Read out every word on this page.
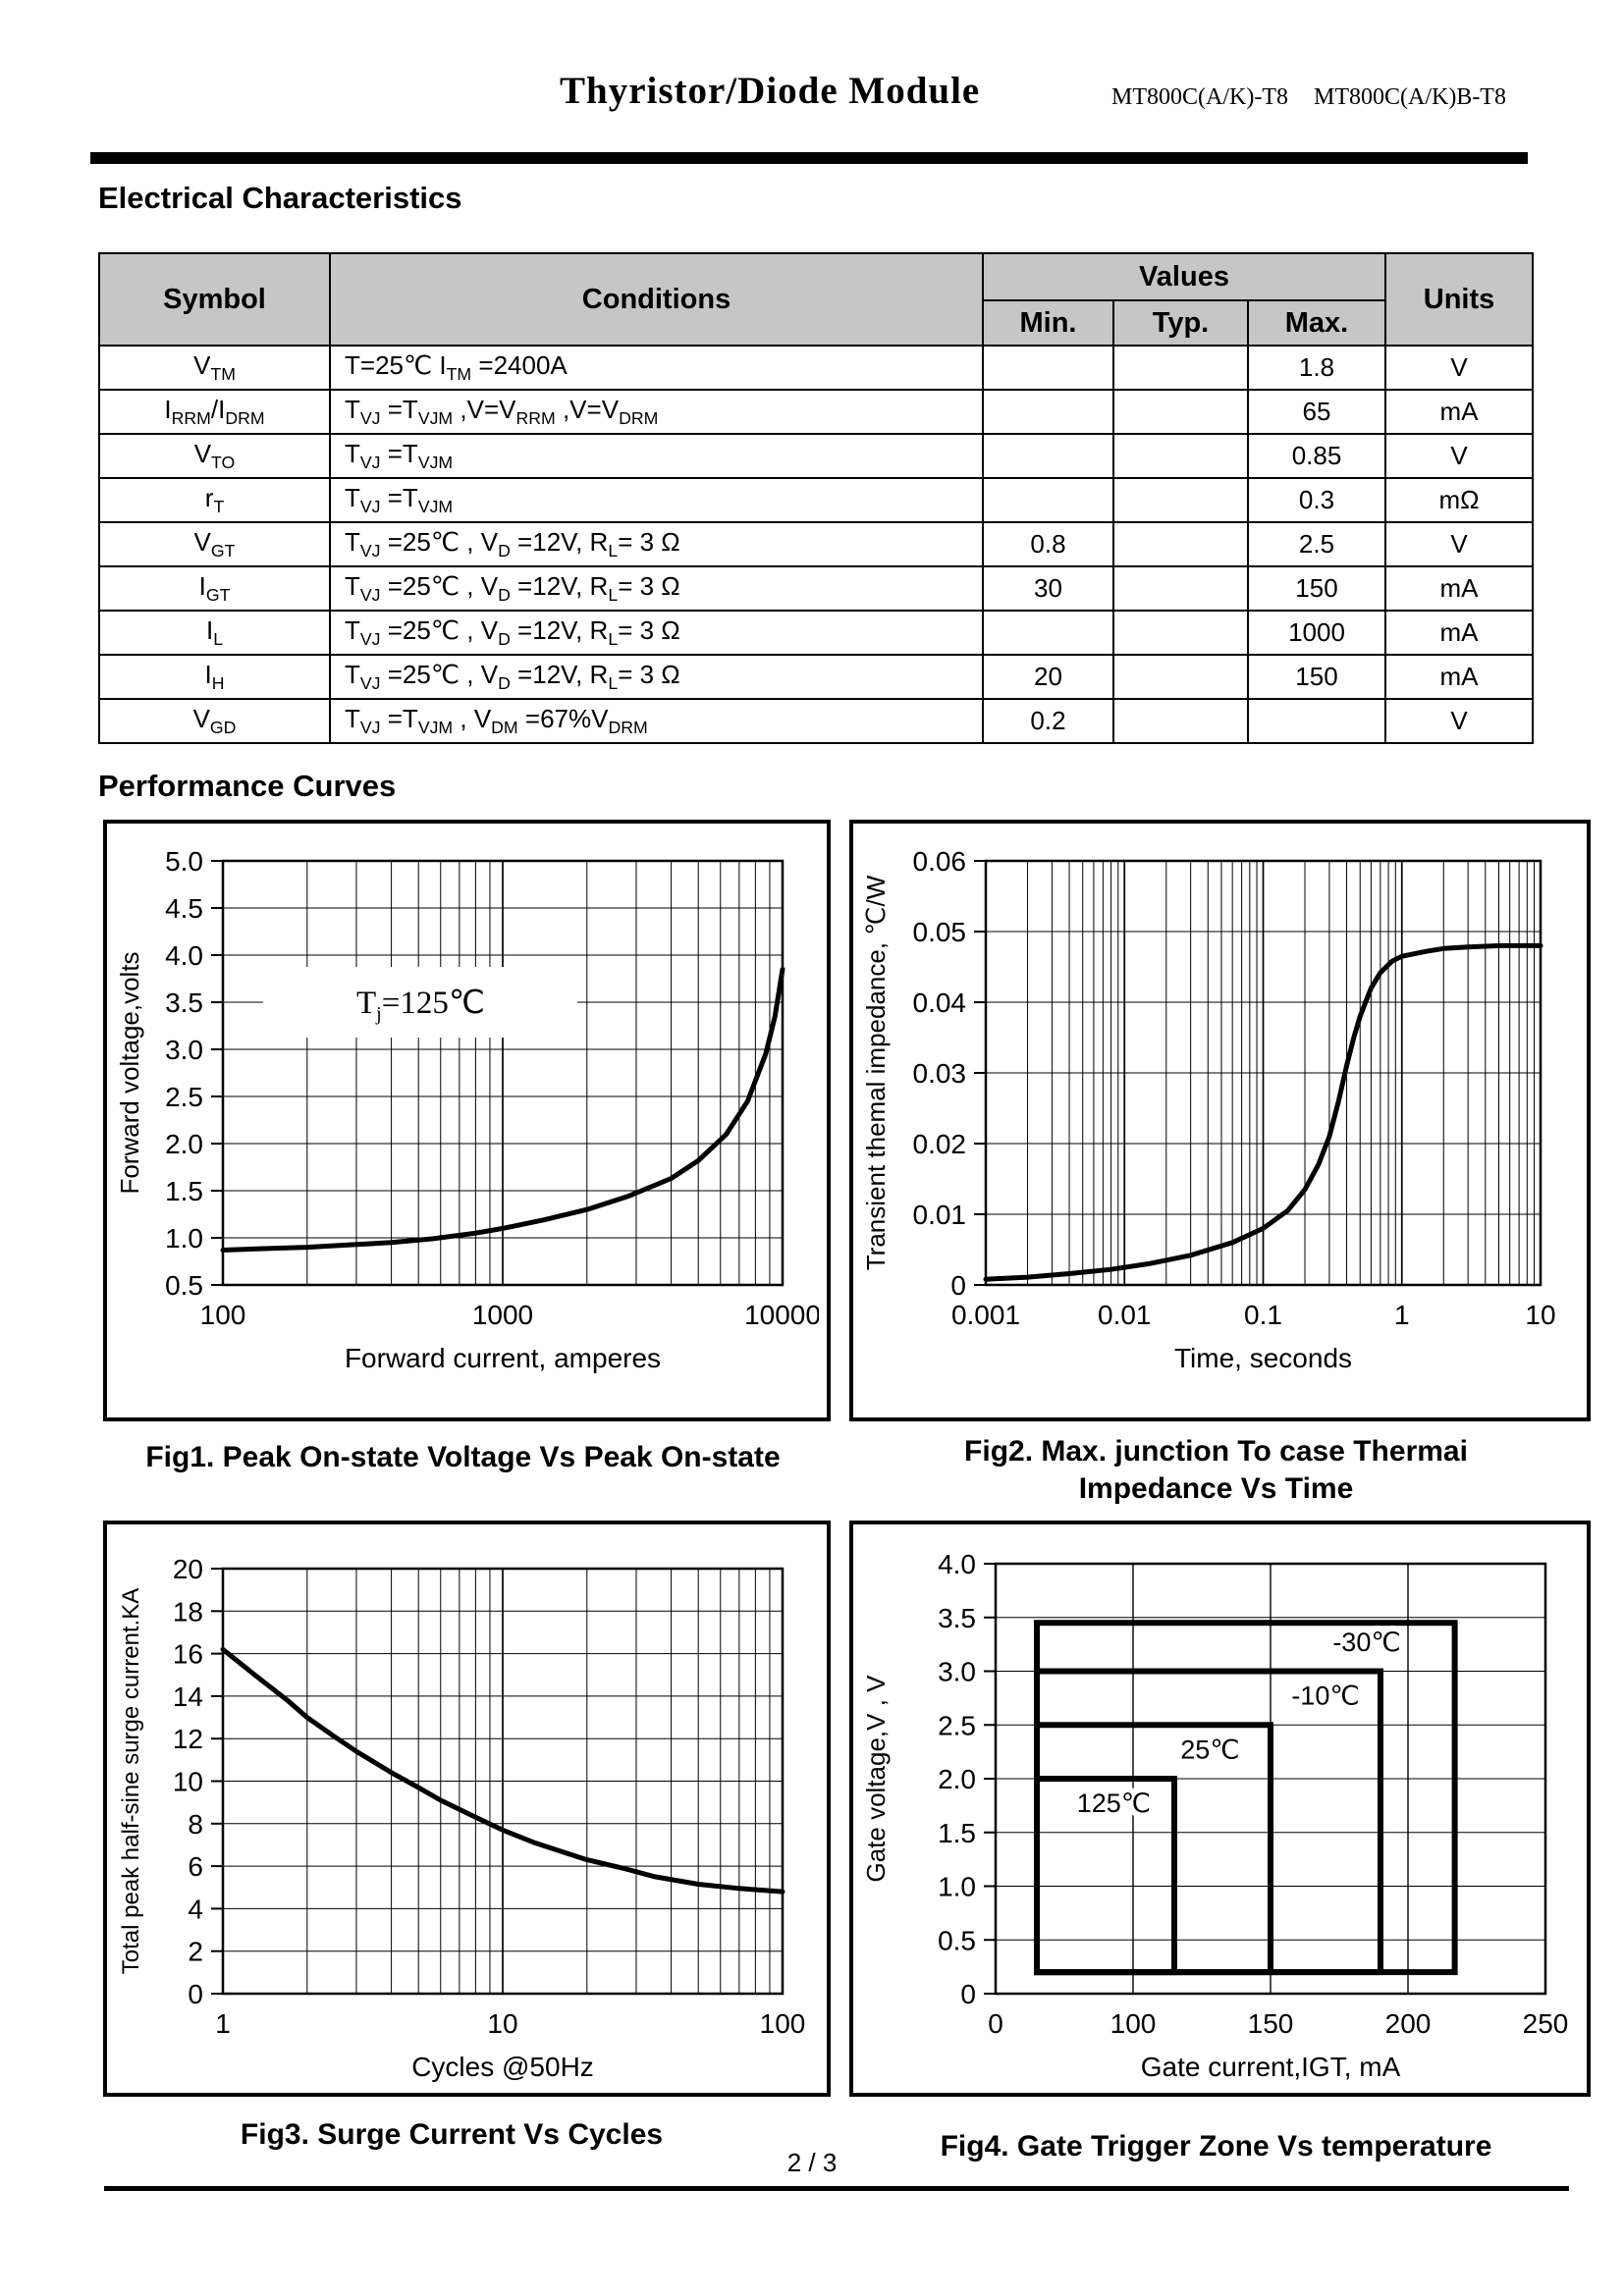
Thyristor/Diode Module	MT800C(A/K)-T8 MT800C(A/K)B-T8
Electrical Characteristics
Symbol	Conditions	Values			Units
		Min.	Typ.	Max.	
$V_{TM}$	T=25℃ $I_{TM} =2400A$			1.8	V
$I_{RRM}/I_{DRM}$	$T_{VJ} =T_{VJM}$ $,V=V_{RRM}$ $,V=V_{DRM}$			65	mA
$V_{TO}$	$T_{VJ} =T_{VJM}$			0.85	V
$r_T$	$T_{VJ} =T_{VJM}$			0.3	mΩ
$V_{GT}$	$T_{VJ}$ =25℃ , $V_D =12V$, $R_L= 3$ Ω	0.8		2.5	V
$I_{GT}$	$T_{VJ}$ =25℃ , $V_D =12V$, $R_L= 3$ Ω	30		150	mA
$I_L$	$T_{VJ}$ =25℃ , $V_D =12V$, $R_L= 3$ Ω			1000	mA
$I_H$	$T_{VJ}$ =25℃ , $V_D =12V$, $R_L= 3$ Ω	20		150	mA
$V_{GD}$	$T_{VJ} =T_{VJM}$ , $V_{DM} =67\%V_{DRM}$	0.2			V
Performance Curves
$T_j=125℃$
5.0
4.5
4.0
3.5
3.0
2.5
2.0
1.5
1.0
0.5
100	1000	10000
Forward current, amperes
Forward voltage,volts
0.06
0.05
0.04
0.03
0.02
0.01
0
0.001	0.01	0.1	1	10
Time, seconds
Transient themal impedance, ℃/W
20
18
16
14
12
10
8
6
4
2
0
1	10	100
Cycles @50Hz
Total peak half-sine surge current.KA	-30℃
-10℃
25℃
125℃
4.0
3.5
3.0
2.5
2.0
1.5
1.0
0.5
0
0	100	150	200	250
Gate current,IGT, mA
Gate voltage,V , V
Fig1. Peak On-state Voltage Vs Peak On-state	Fig2. Max. junction To case Thermai
Impedance Vs Time
Fig3. Surge Current Vs Cycles	Fig4. Gate Trigger Zone Vs temperature
2 / 3
